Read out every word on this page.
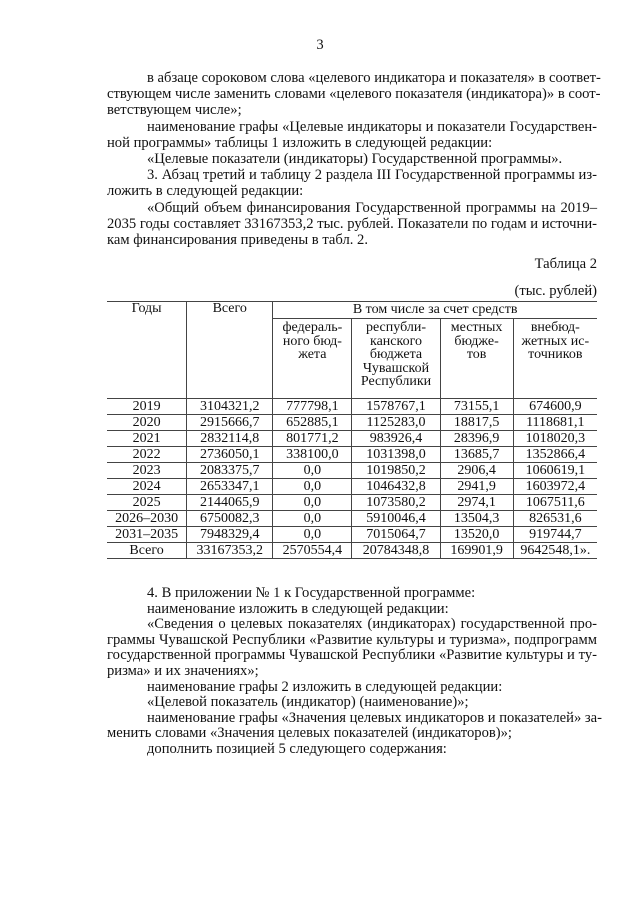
3
в абзаце сороковом слова «целевого индикатора и показателя» в соответ-
ствующем числе заменить словами «целевого показателя (индикатора)» в соот-
ветствующем числе»;
наименование графы «Целевые индикаторы и показатели Государствен-
ной программы» таблицы 1 изложить в следующей редакции:
«Целевые показатели (индикаторы) Государственной программы».
3. Абзац третий и таблицу 2 раздела III Государственной программы из-
ложить в следующей редакции:
«Общий объем финансирования Государственной программы на 2019–
2035 годы составляет 33167353,2 тыс. рублей. Показатели по годам и источни-
кам финансирования приведены в табл. 2.
Таблица 2
(тыс. рублей)
Годы	Всего	В том числе за счет средств			
		федераль-
ного бюд-
жета	республи-
канского
бюджета
Чувашской
Республики	местных
бюдже-
тов	внебюд-
жетных ис-
точников
2019	3104321,2	777798,1	1578767,1	73155,1	674600,9
2020	2915666,7	652885,1	1125283,0	18817,5	1118681,1
2021	2832114,8	801771,2	983926,4	28396,9	1018020,3
2022	2736050,1	338100,0	1031398,0	13685,7	1352866,4
2023	2083375,7	0,0	1019850,2	2906,4	1060619,1
2024	2653347,1	0,0	1046432,8	2941,9	1603972,4
2025	2144065,9	0,0	1073580,2	2974,1	1067511,6
2026–2030	6750082,3	0,0	5910046,4	13504,3	826531,6
2031–2035	7948329,4	0,0	7015064,7	13520,0	919744,7
Всего	33167353,2	2570554,4	20784348,8	169901,9	9642548,1».
4. В приложении № 1 к Государственной программе:
наименование изложить в следующей редакции:
«Сведения о целевых показателях (индикаторах) государственной про-
граммы Чувашской Республики «Развитие культуры и туризма», подпрограмм
государственной программы Чувашской Республики «Развитие культуры и ту-
ризма» и их значениях»;
наименование графы 2 изложить в следующей редакции:
«Целевой показатель (индикатор) (наименование)»;
наименование графы «Значения целевых индикаторов и показателей» за-
менить словами «Значения целевых показателей (индикаторов)»;
дополнить позицией 5 следующего содержания:
